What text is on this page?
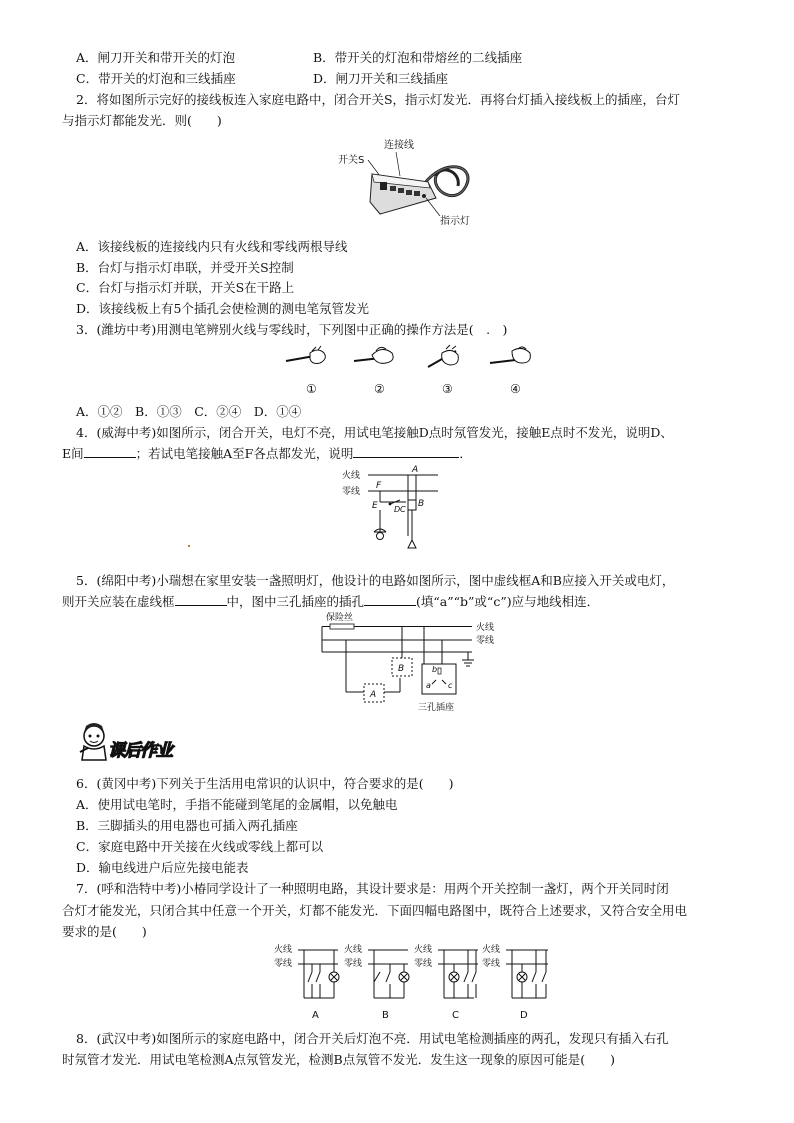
A．闸刀开关和带开关的灯泡	B．带开关的灯泡和带熔丝的二线插座
C．带开关的灯泡和三线插座	D．闸刀开关和三线插座
2．将如图所示完好的接线板连入家庭电路中，闭合开关S，指示灯发光．再将台灯插入接线板上的插座，台灯
与指示灯都能发光．则(　　)
连接线
开关S
指示灯
A．该接线板的连接线内只有火线和零线两根导线
B．台灯与指示灯串联，并受开关S控制
C．台灯与指示灯并联，开关S在干路上
D．该接线板上有5个插孔会使检测的测电笔氖管发光
3．(潍坊中考)用测电笔辨别火线与零线时，下列图中正确的操作方法是(　.　)
①	②	③	④
A．①②　B．①③　C．②④　D．①④
4．(威海中考)如图所示，闭合开关，电灯不亮，用试电笔接触D点时氖管发光，接触E点时不发光，说明D、
E间	；若试电笔接触A至F各点都发光，说明	．
火线
零线
A
F
B
E D C
5．(绵阳中考)小瑞想在家里安装一盏照明灯，他设计的电路如图所示，图中虚线框A和B应接入开关或电灯，
则开关应装在虚线框	中，图中三孔插座的插孔	(填“a”“b”或“c”)应与地线相连．
保险丝
火线
零线
A
B	b
a c
三孔插座
课后作业
6．(黄冈中考)下列关于生活用电常识的认识中，符合要求的是(　　)
A．使用试电笔时，手指不能碰到笔尾的金属帽，以免触电
B．三脚插头的用电器也可插入两孔插座
C．家庭电路中开关接在火线或零线上都可以
D．输电线进户后应先接电能表
7．(呼和浩特中考)小椿同学设计了一种照明电路，其设计要求是：用两个开关控制一盏灯，两个开关同时闭
合灯才能发光，只闭合其中任意一个开关，灯都不能发光．下面四幅电路图中，既符合上述要求，又符合安全用电
要求的是(　　)
火线
零线
A
火线
零线
B
火线
零线
C
火线
零线
D
8．(武汉中考)如图所示的家庭电路中，闭合开关后灯泡不亮．用试电笔检测插座的两孔，发现只有插入右孔
时氖管才发光．用试电笔检测A点氖管发光，检测B点氖管不发光．发生这一现象的原因可能是(　　)
